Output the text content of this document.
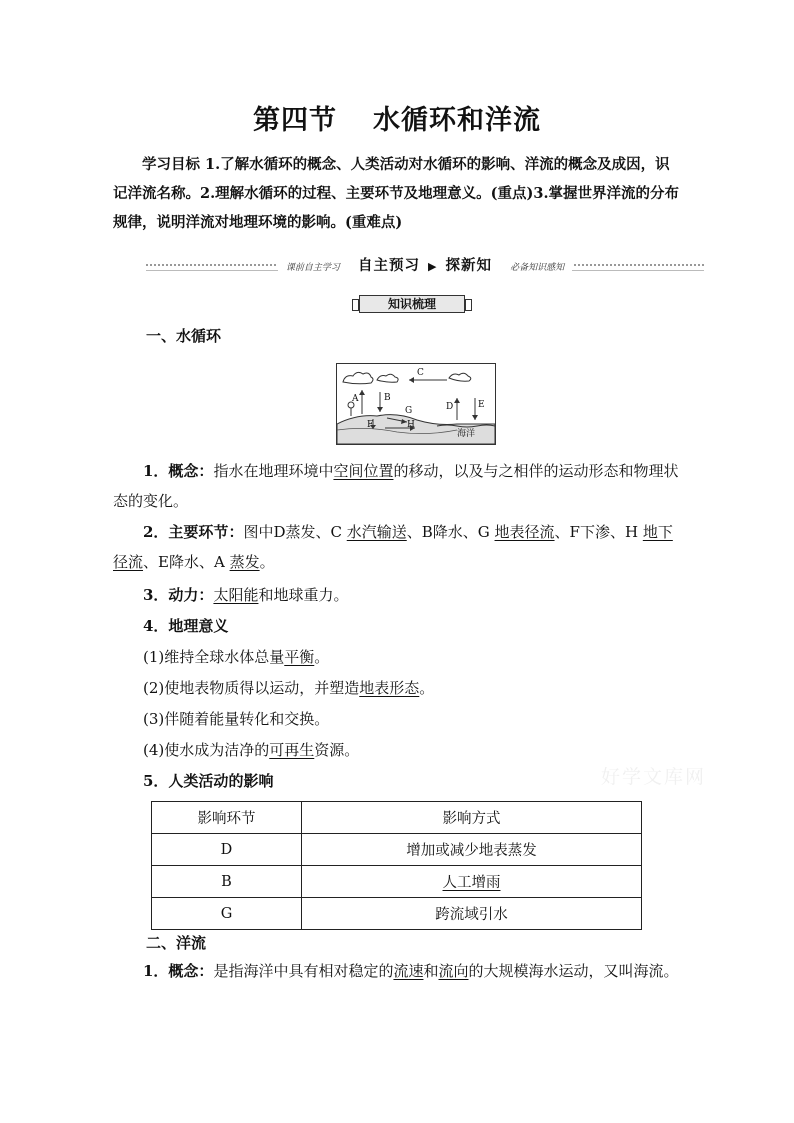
第四节 水循环和洋流
学习目标 1.了解水循环的概念、人类活动对水循环的影响、洋流的概念及成因，识记洋流名称。2.理解水循环的过程、主要环节及地理意义。(重点)3.掌握世界洋流的分布规律，说明洋流对地理环境的影响。(重难点)
课前自主学习 自主预习 ▶ 探新知 必备知识感知
知识梳理
一、水循环
C
A	B
D	E
G
F	H
海洋
1．概念：指水在地理环境中空间位置的移动，以及与之相伴的运动形态和物理状态的变化。
2．主要环节：图中D蒸发、C 水汽输送、B降水、G 地表径流、F下渗、H 地下径流、E降水、A 蒸发。
3．动力：太阳能和地球重力。
4．地理意义
(1)维持全球水体总量平衡。
(2)使地表物质得以运动，并塑造地表形态。
(3)伴随着能量转化和交换。
(4)使水成为洁净的可再生资源。
5．人类活动的影响	好学文库网
影响环节	影响方式
D	增加或减少地表蒸发
B	人工增雨
G	跨流域引水
二、洋流
1．概念：是指海洋中具有相对稳定的流速和流向的大规模海水运动，又叫海流。
